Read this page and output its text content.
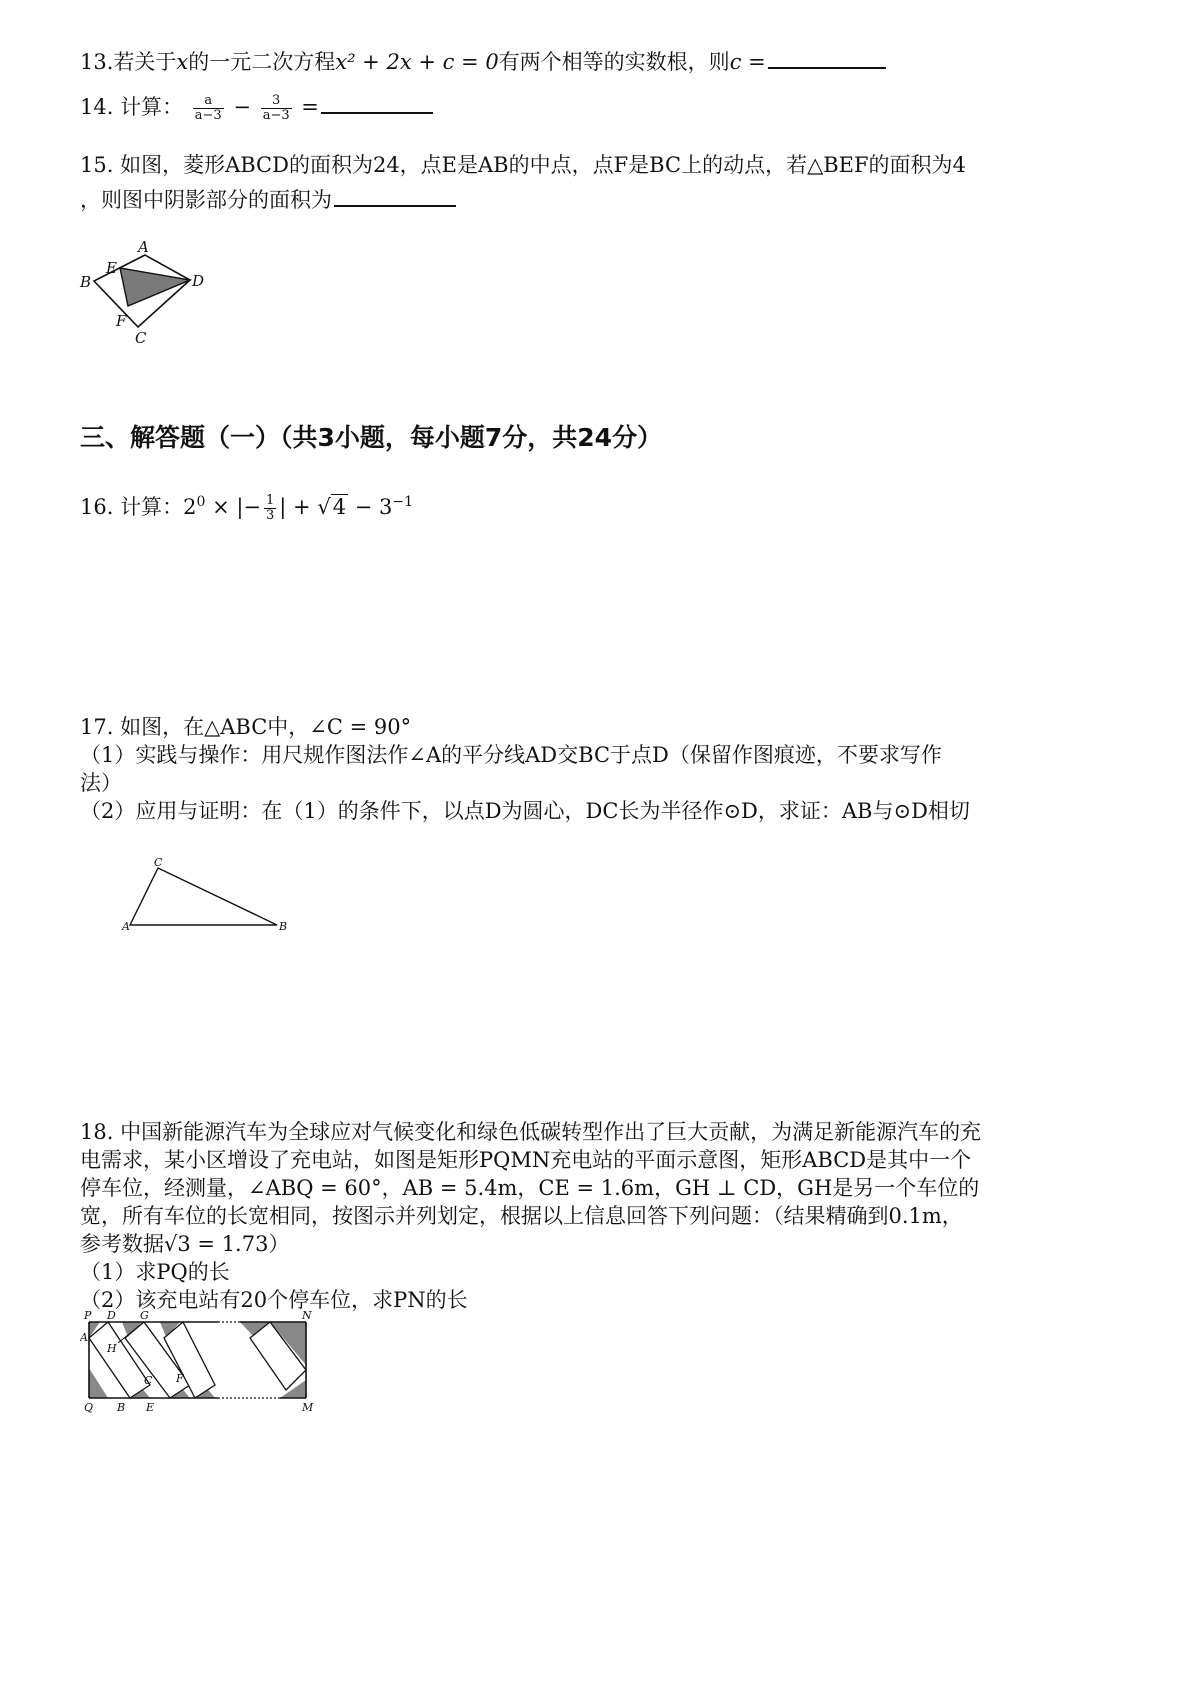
13.若关于x的一元二次方程x² + 2x + c = 0有两个相等的实数根，则c =
14. 计算： $\frac{a}{a-3} - \frac{3}{a-3}$ =
15. 如图，菱形ABCD的面积为24，点E是AB的中点，点F是BC上的动点，若△BEF的面积为4
，则图中阴影部分的面积为
A
E
B	D
F
C
三、解答题（一）（共3小题，每小题7分，共24分）
16. 计算：$2^0$ × |− $\frac{1}{3}$ | + $√4 - 3^{-1}$
17. 如图，在△ABC中，∠C = 90°
（1）实践与操作：用尺规作图法作∠A的平分线AD交BC于点D（保留作图痕迹，不要求写作
法）
（2）应用与证明：在（1）的条件下，以点D为圆心，DC长为半径作⊙D，求证：AB与⊙D相切
C
A	B
18. 中国新能源汽车为全球应对气候变化和绿色低碳转型作出了巨大贡献，为满足新能源汽车的充
电需求，某小区增设了充电站，如图是矩形PQMN充电站的平面示意图，矩形ABCD是其中一个
停车位，经测量，∠ABQ = 60°，AB = 5.4m，CE = 1.6m，GH ⊥ CD，GH是另一个车位的
宽，所有车位的长宽相同，按图示并列划定，根据以上信息回答下列问题：（结果精确到0.1m，
参考数据√3 = 1.73）
（1）求PQ的长
（2）该充电站有20个停车位，求PN的长
P D G	N
A
H
C F
Q B E	M
